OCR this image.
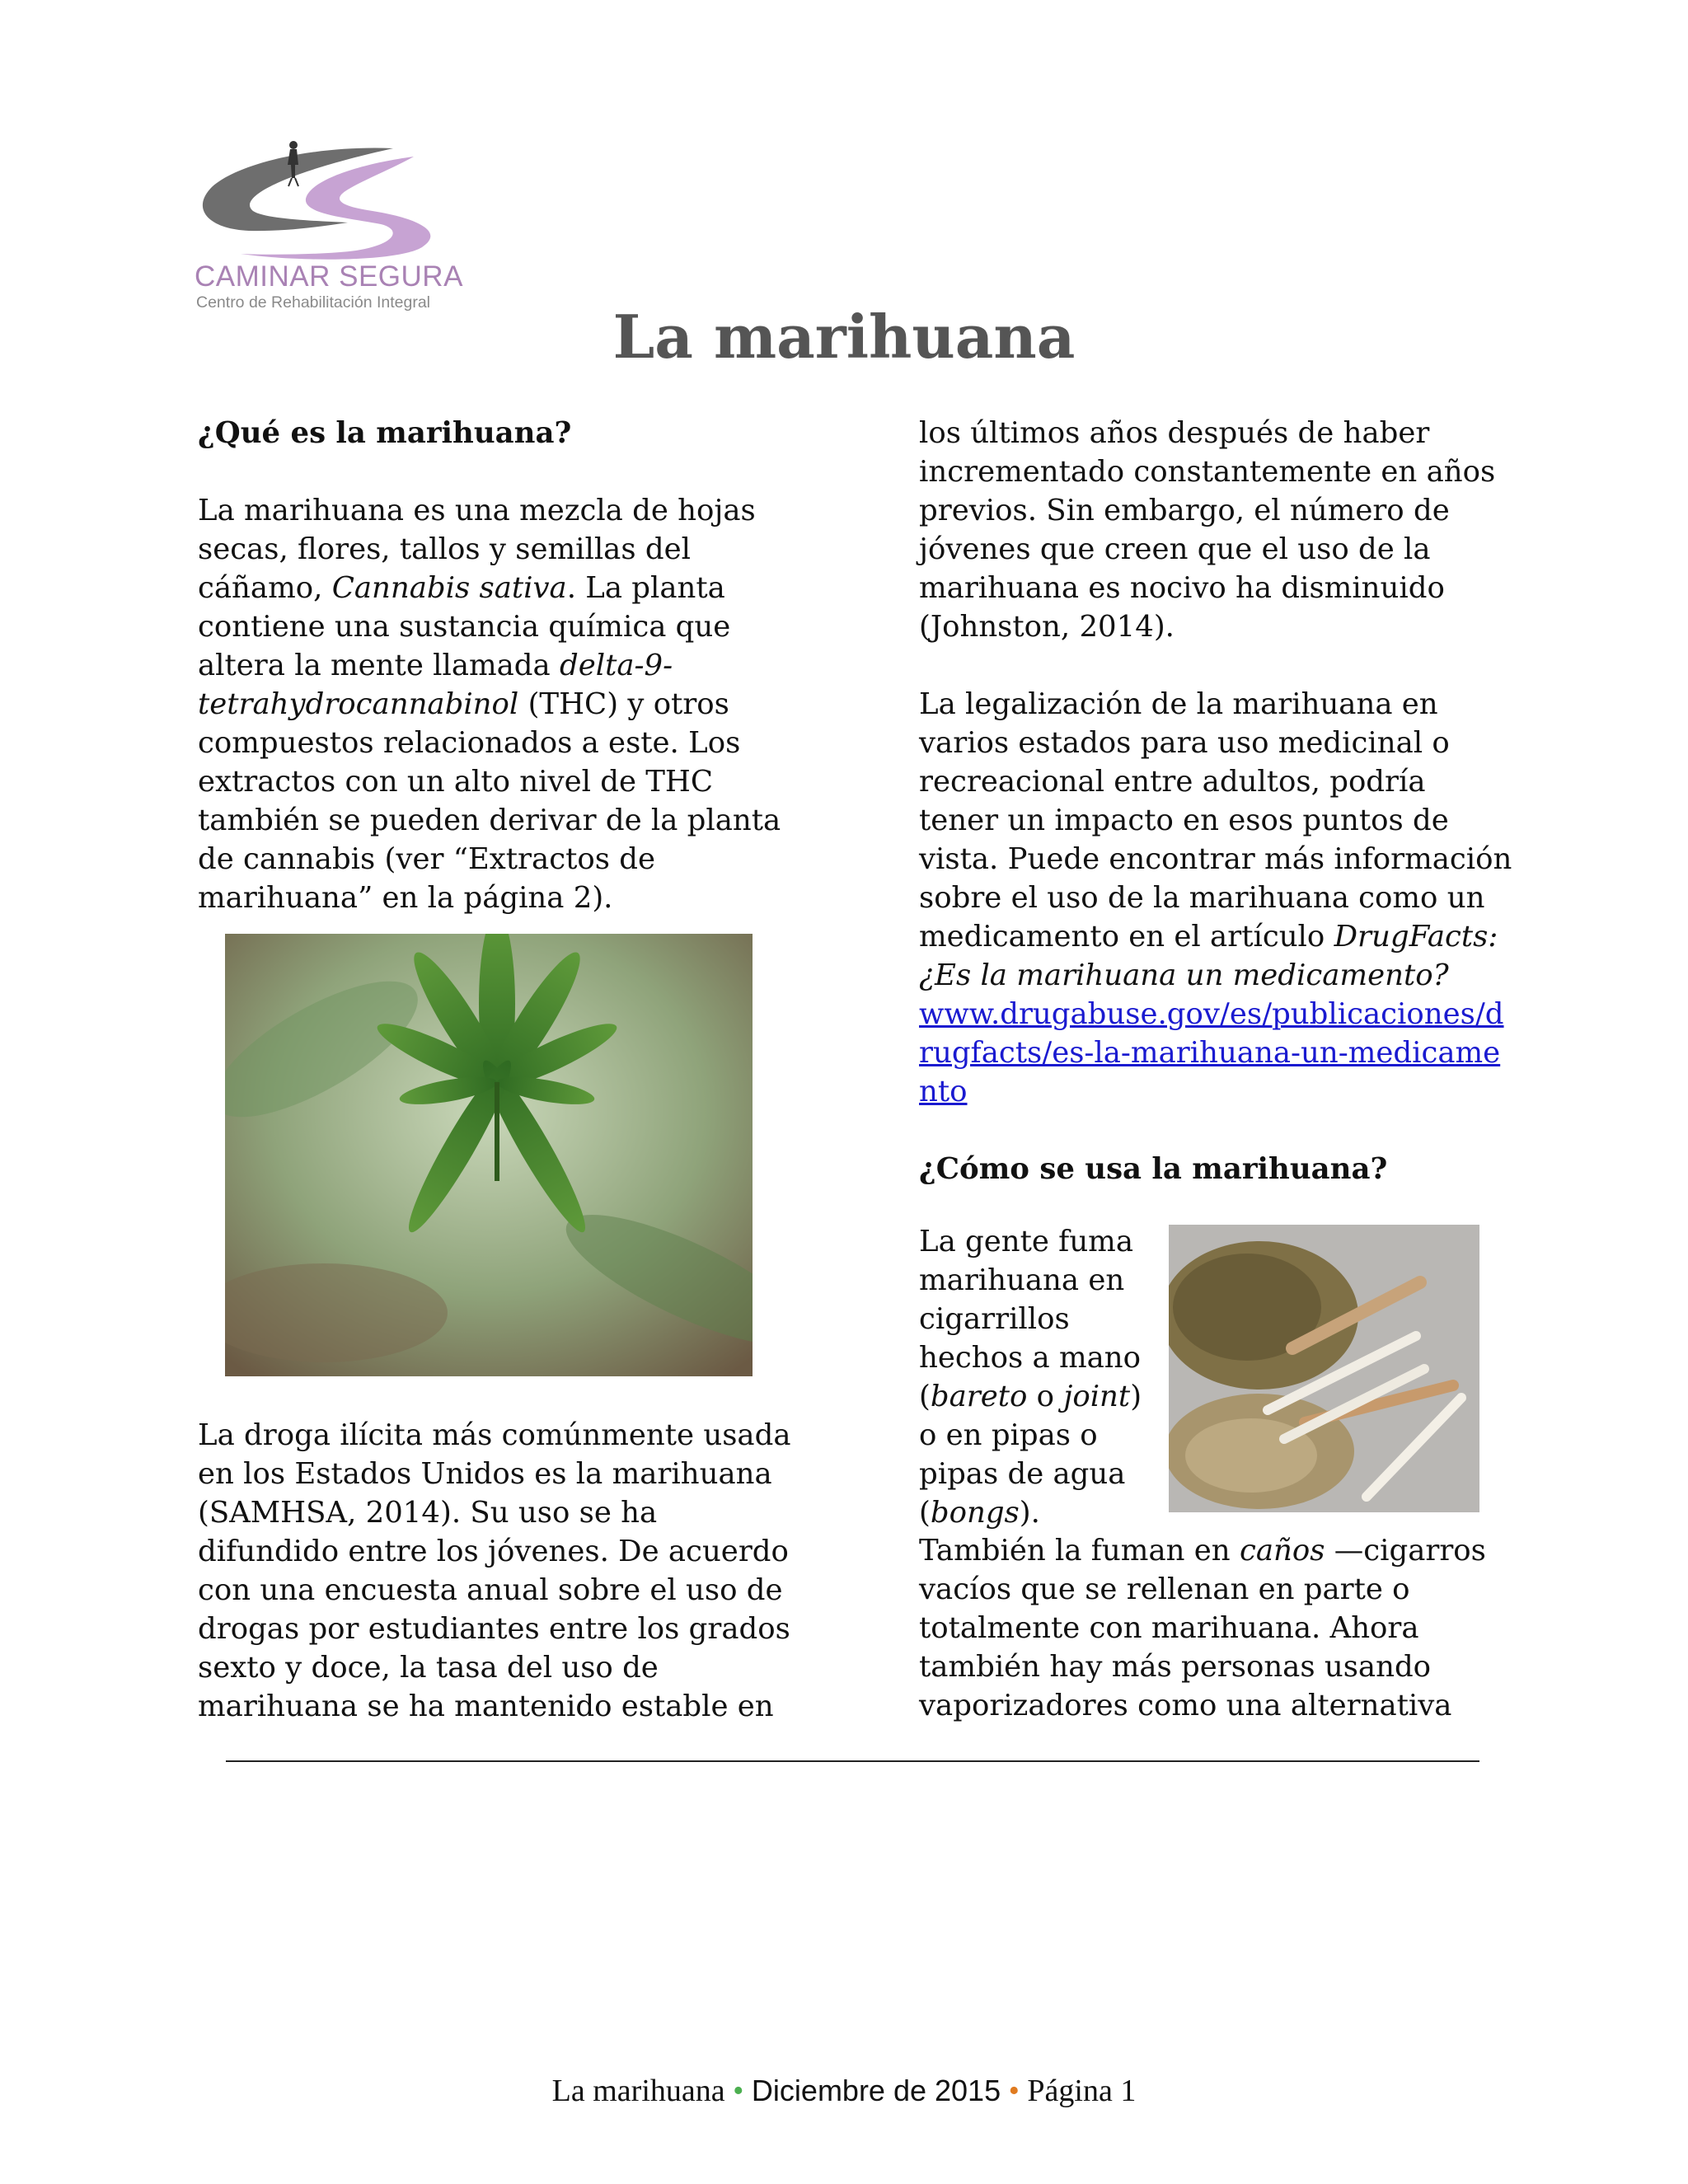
CAMINAR SEGURA
Centro de Rehabilitación Integral	La marihuana

¿Qué es la marihuana?

La marihuana es una mezcla de hojas secas, flores, tallos y semillas del cáñamo, Cannabis sativa. La planta contiene una sustancia química que altera la mente llamada delta-9-tetrahydrocannabinol (THC) y otros compuestos relacionados a este. Los extractos con un alto nivel de THC también se pueden derivar de la planta de cannabis (ver “Extractos de marihuana” en la página 2).

La droga ilícita más comúnmente usada en los Estados Unidos es la marihuana (SAMHSA, 2014). Su uso se ha difundido entre los jóvenes. De acuerdo con una encuesta anual sobre el uso de drogas por estudiantes entre los grados sexto y doce, la tasa del uso de marihuana se ha mantenido estable en

los últimos años después de haber incrementado constantemente en años previos. Sin embargo, el número de jóvenes que creen que el uso de la marihuana es nocivo ha disminuido (Johnston, 2014).

La legalización de la marihuana en varios estados para uso medicinal o recreacional entre adultos, podría tener un impacto en esos puntos de vista. Puede encontrar más información sobre el uso de la marihuana como un medicamento en el artículo DrugFacts: ¿Es la marihuana un medicamento?
www.drugabuse.gov/es/publicaciones/drugfacts/es-la-marihuana-un-medicamento

¿Cómo se usa la marihuana?

La gente fuma marihuana en cigarrillos hechos a mano (bareto o joint) o en pipas o pipas de agua (bongs).

También la fuman en caños —cigarros vacíos que se rellenan en parte o totalmente con marihuana. Ahora también hay más personas usando vaporizadores como una alternativa

La marihuana • Diciembre de 2015 • Página 1
